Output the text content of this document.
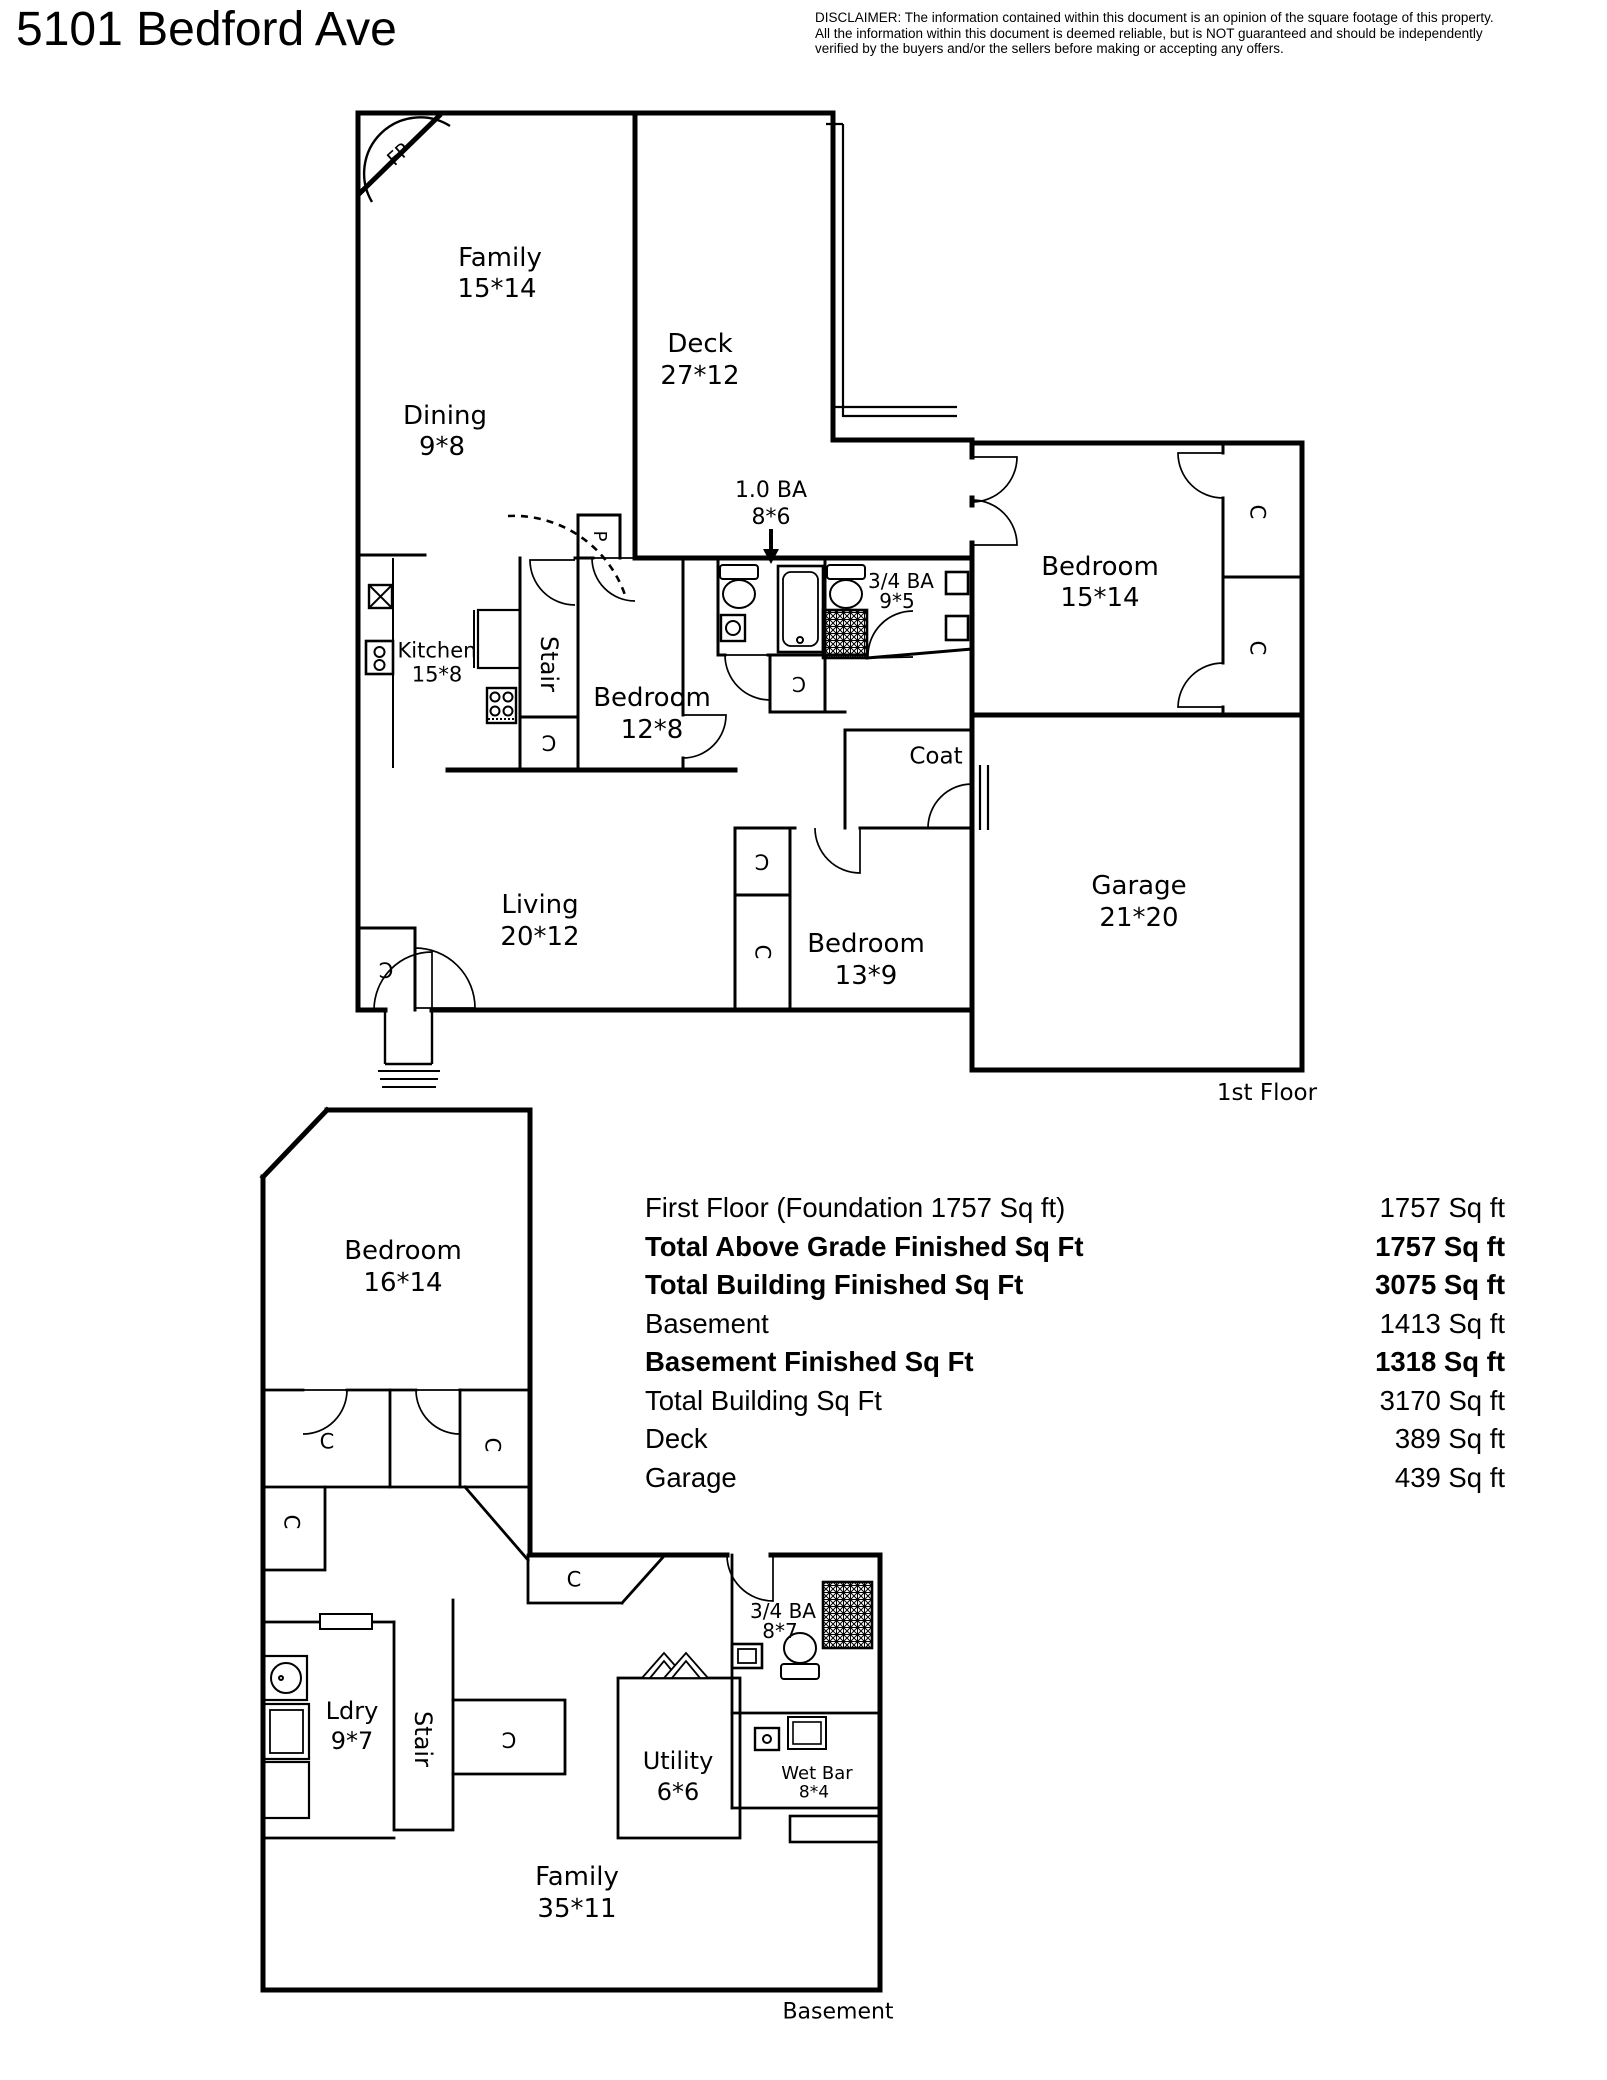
5101 Bedford Ave	DISCLAIMER: The information contained within this document is an opinion of the square footage of this property.
All the information within this document is deemed reliable, but is NOT guaranteed and should be independently
verified by the buyers and/or the sellers before making or accepting any offers.
FP
Family
15*14
Deck
27*12
Dining
9*8
1.0 BA
8*6
P
Kitchen
15*8	Stair
C
Bedroom
12*8
3/4 BA
9*5
C
Bedroom
15*14
C
C
Coat
Living
20*12
C
C
C Bedroom
13*9
Garage
21*20
1st Floor
First Floor (Foundation 1757 Sq ft)	1757 Sq ft
Total Above Grade Finished Sq Ft	1757 Sq ft
Total Building Finished Sq Ft	3075 Sq ft
Basement	1413 Sq ft
Basement Finished Sq Ft	1318 Sq ft
Total Building Sq Ft	3170 Sq ft
Deck	389 Sq ft
Garage	439 Sq ft
Bedroom
16*14
C	C
C
C
Ldry
9*7 Stair	C
Utility
6*6
3/4 BA
8*7
Wet Bar
8*4
Family
35*11
Basement
